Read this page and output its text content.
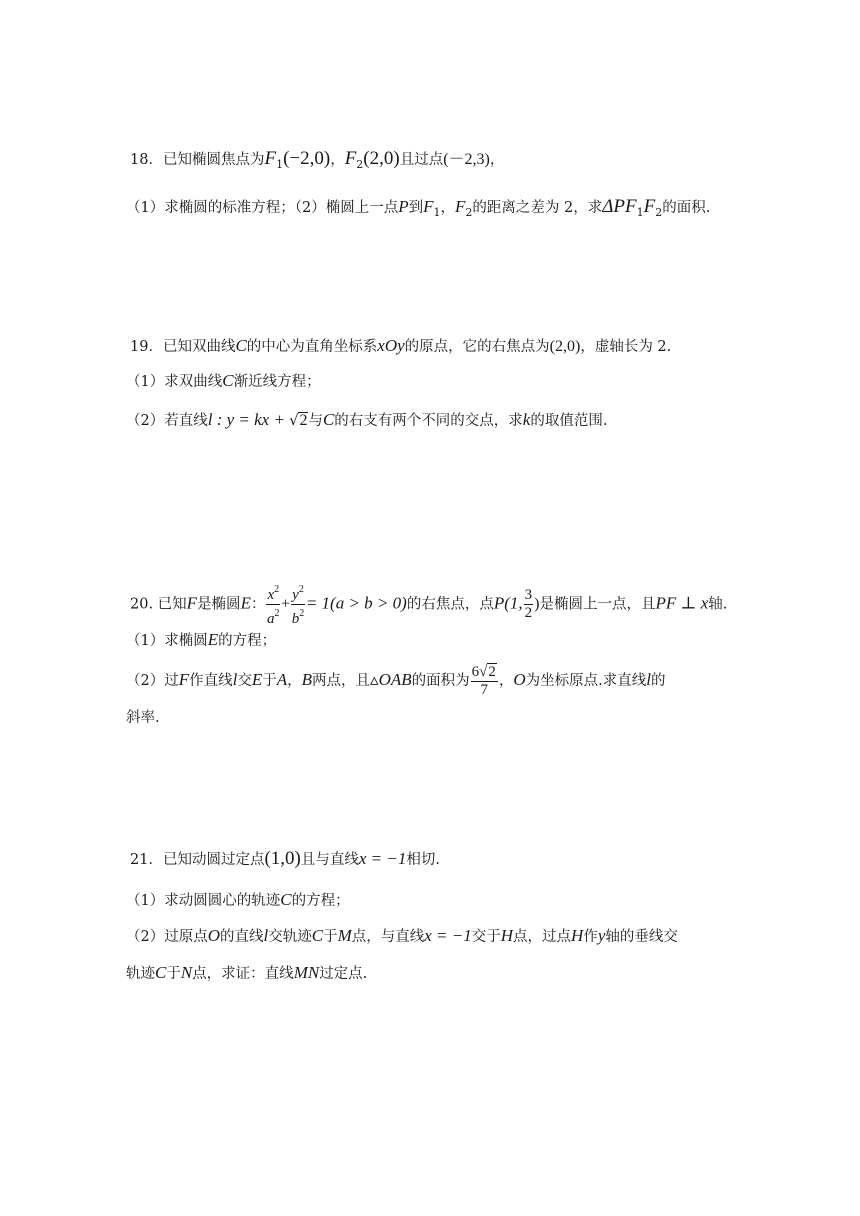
18．已知椭圆焦点为$F_1(-2,0)$，$F_2(2,0)$且过点(－2,3)，
（1）求椭圆的标准方程；（2）椭圆上一点P到$F_1$，$F_2$的距离之差为 2，求$\Delta PF_1F_2$的面积.
19．已知双曲线C的中心为直角坐标系xOy的原点，它的右焦点为(2,0)，虚轴长为 2.
（1）求双曲线C渐近线方程；
（2）若直线l : y = kx + √2与C的右支有两个不同的交点，求k的取值范围.
20. 已知F是椭圆E： $\frac{x^2}{a^2} + \frac{y^2}{b^2} = 1(a > b > 0)$的右焦点，点P(1, $\frac{3}{2}$ )是椭圆上一点，且PF ⊥ x轴.
（1）求椭圆E的方程；
（2）过F作直线l交E于A，B两点，且▵OAB的面积为 $\frac{6√2}{7}$ ，O为坐标原点.求直线l的
斜率.
21．已知动圆过定点(1,0)且与直线x = −1相切.
（1）求动圆圆心的轨迹C的方程；
（2）过原点O的直线l交轨迹C于M点，与直线x = −1交于H点，过点H作y轴的垂线交
轨迹C于N点，求证：直线MN过定点.
